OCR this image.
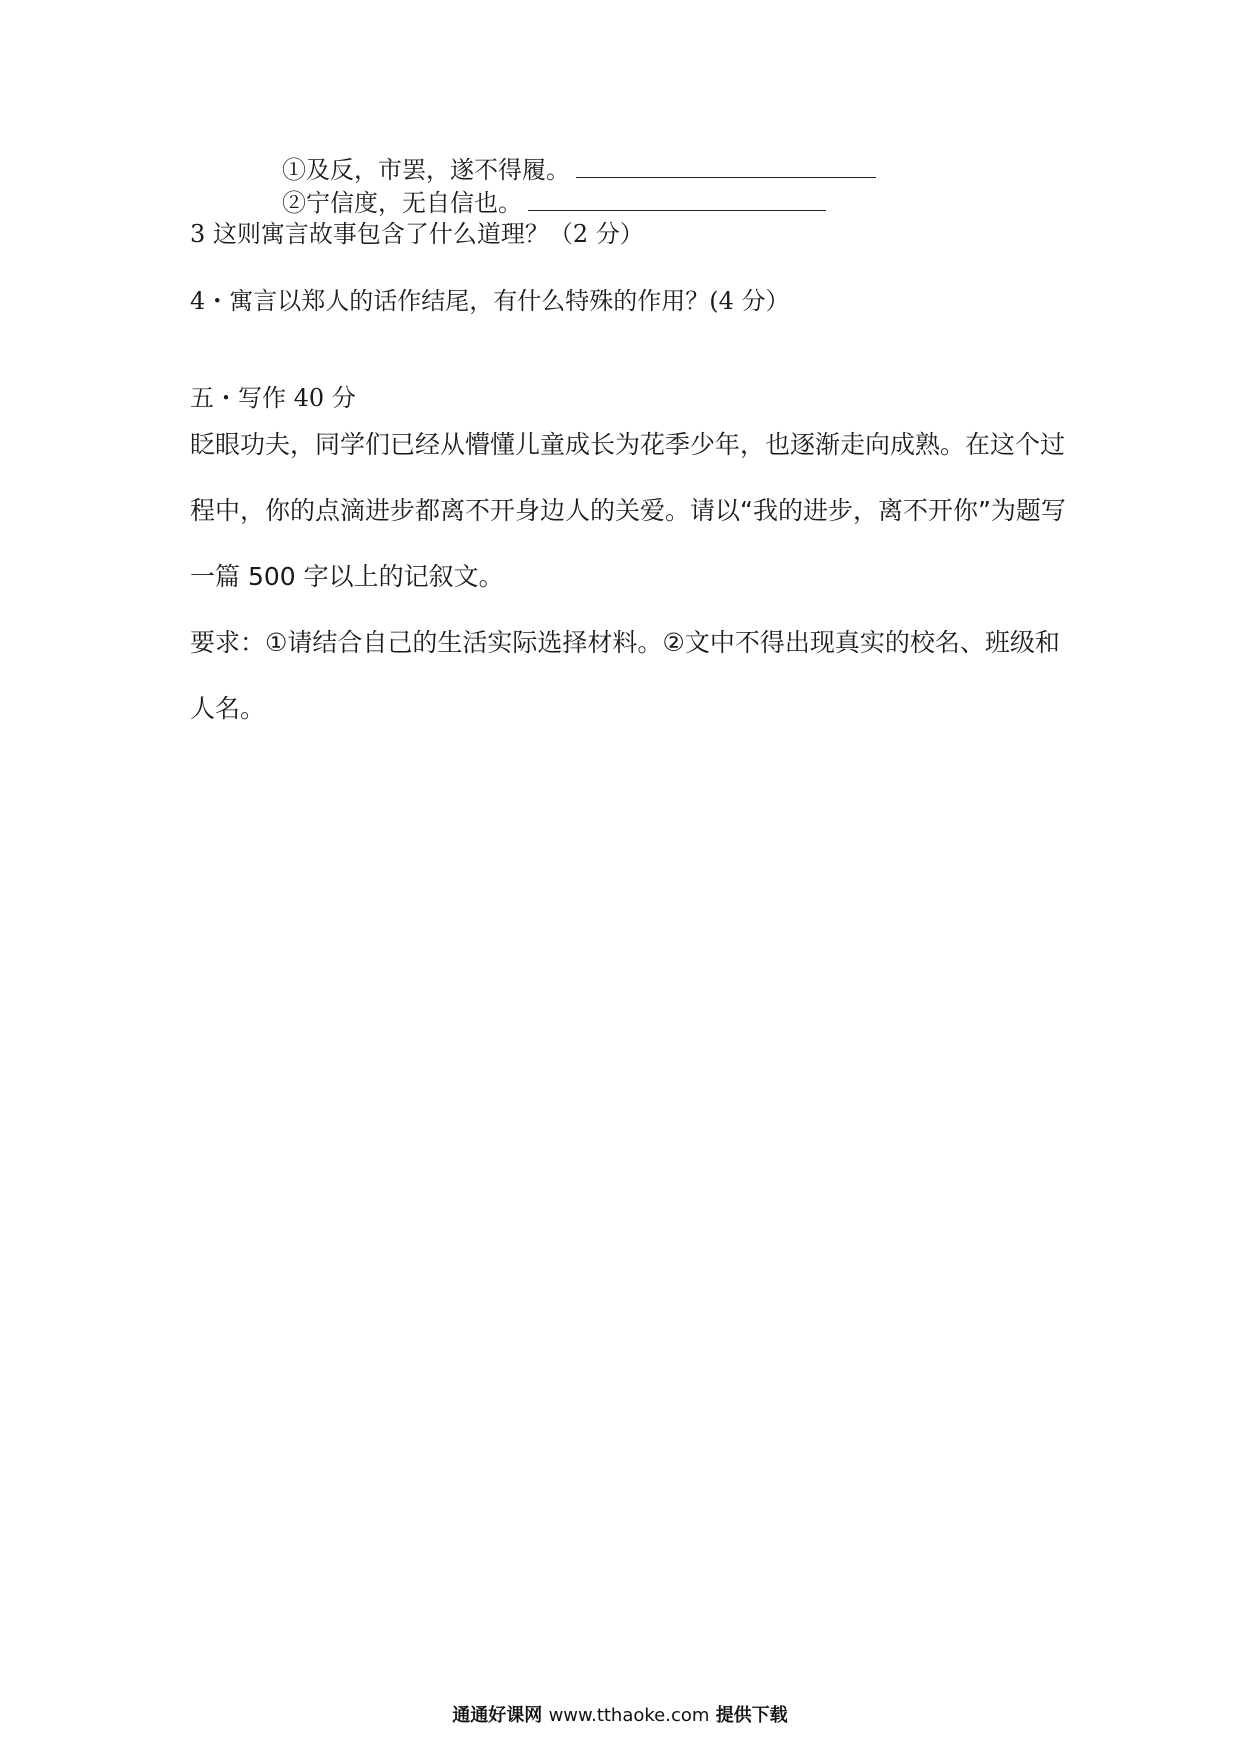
①及反，市罢，遂不得履。
②宁信度，无自信也。
3 这则寓言故事包含了什么道理？（2 分）
4・寓言以郑人的话作结尾，有什么特殊的作用？(4 分）
五・写作 40 分
眨眼功夫，同学们已经从懵懂儿童成长为花季少年，也逐渐走向成熟。在这个过
程中，你的点滴进步都离不开身边人的关爱。请以“我的进步，离不开你”为题写
一篇 500 字以上的记叙文。
要求：①请结合自己的生活实际选择材料。②文中不得出现真实的校名、班级和
人名。
通通好课网 www.tthaoke.com 提供下载
